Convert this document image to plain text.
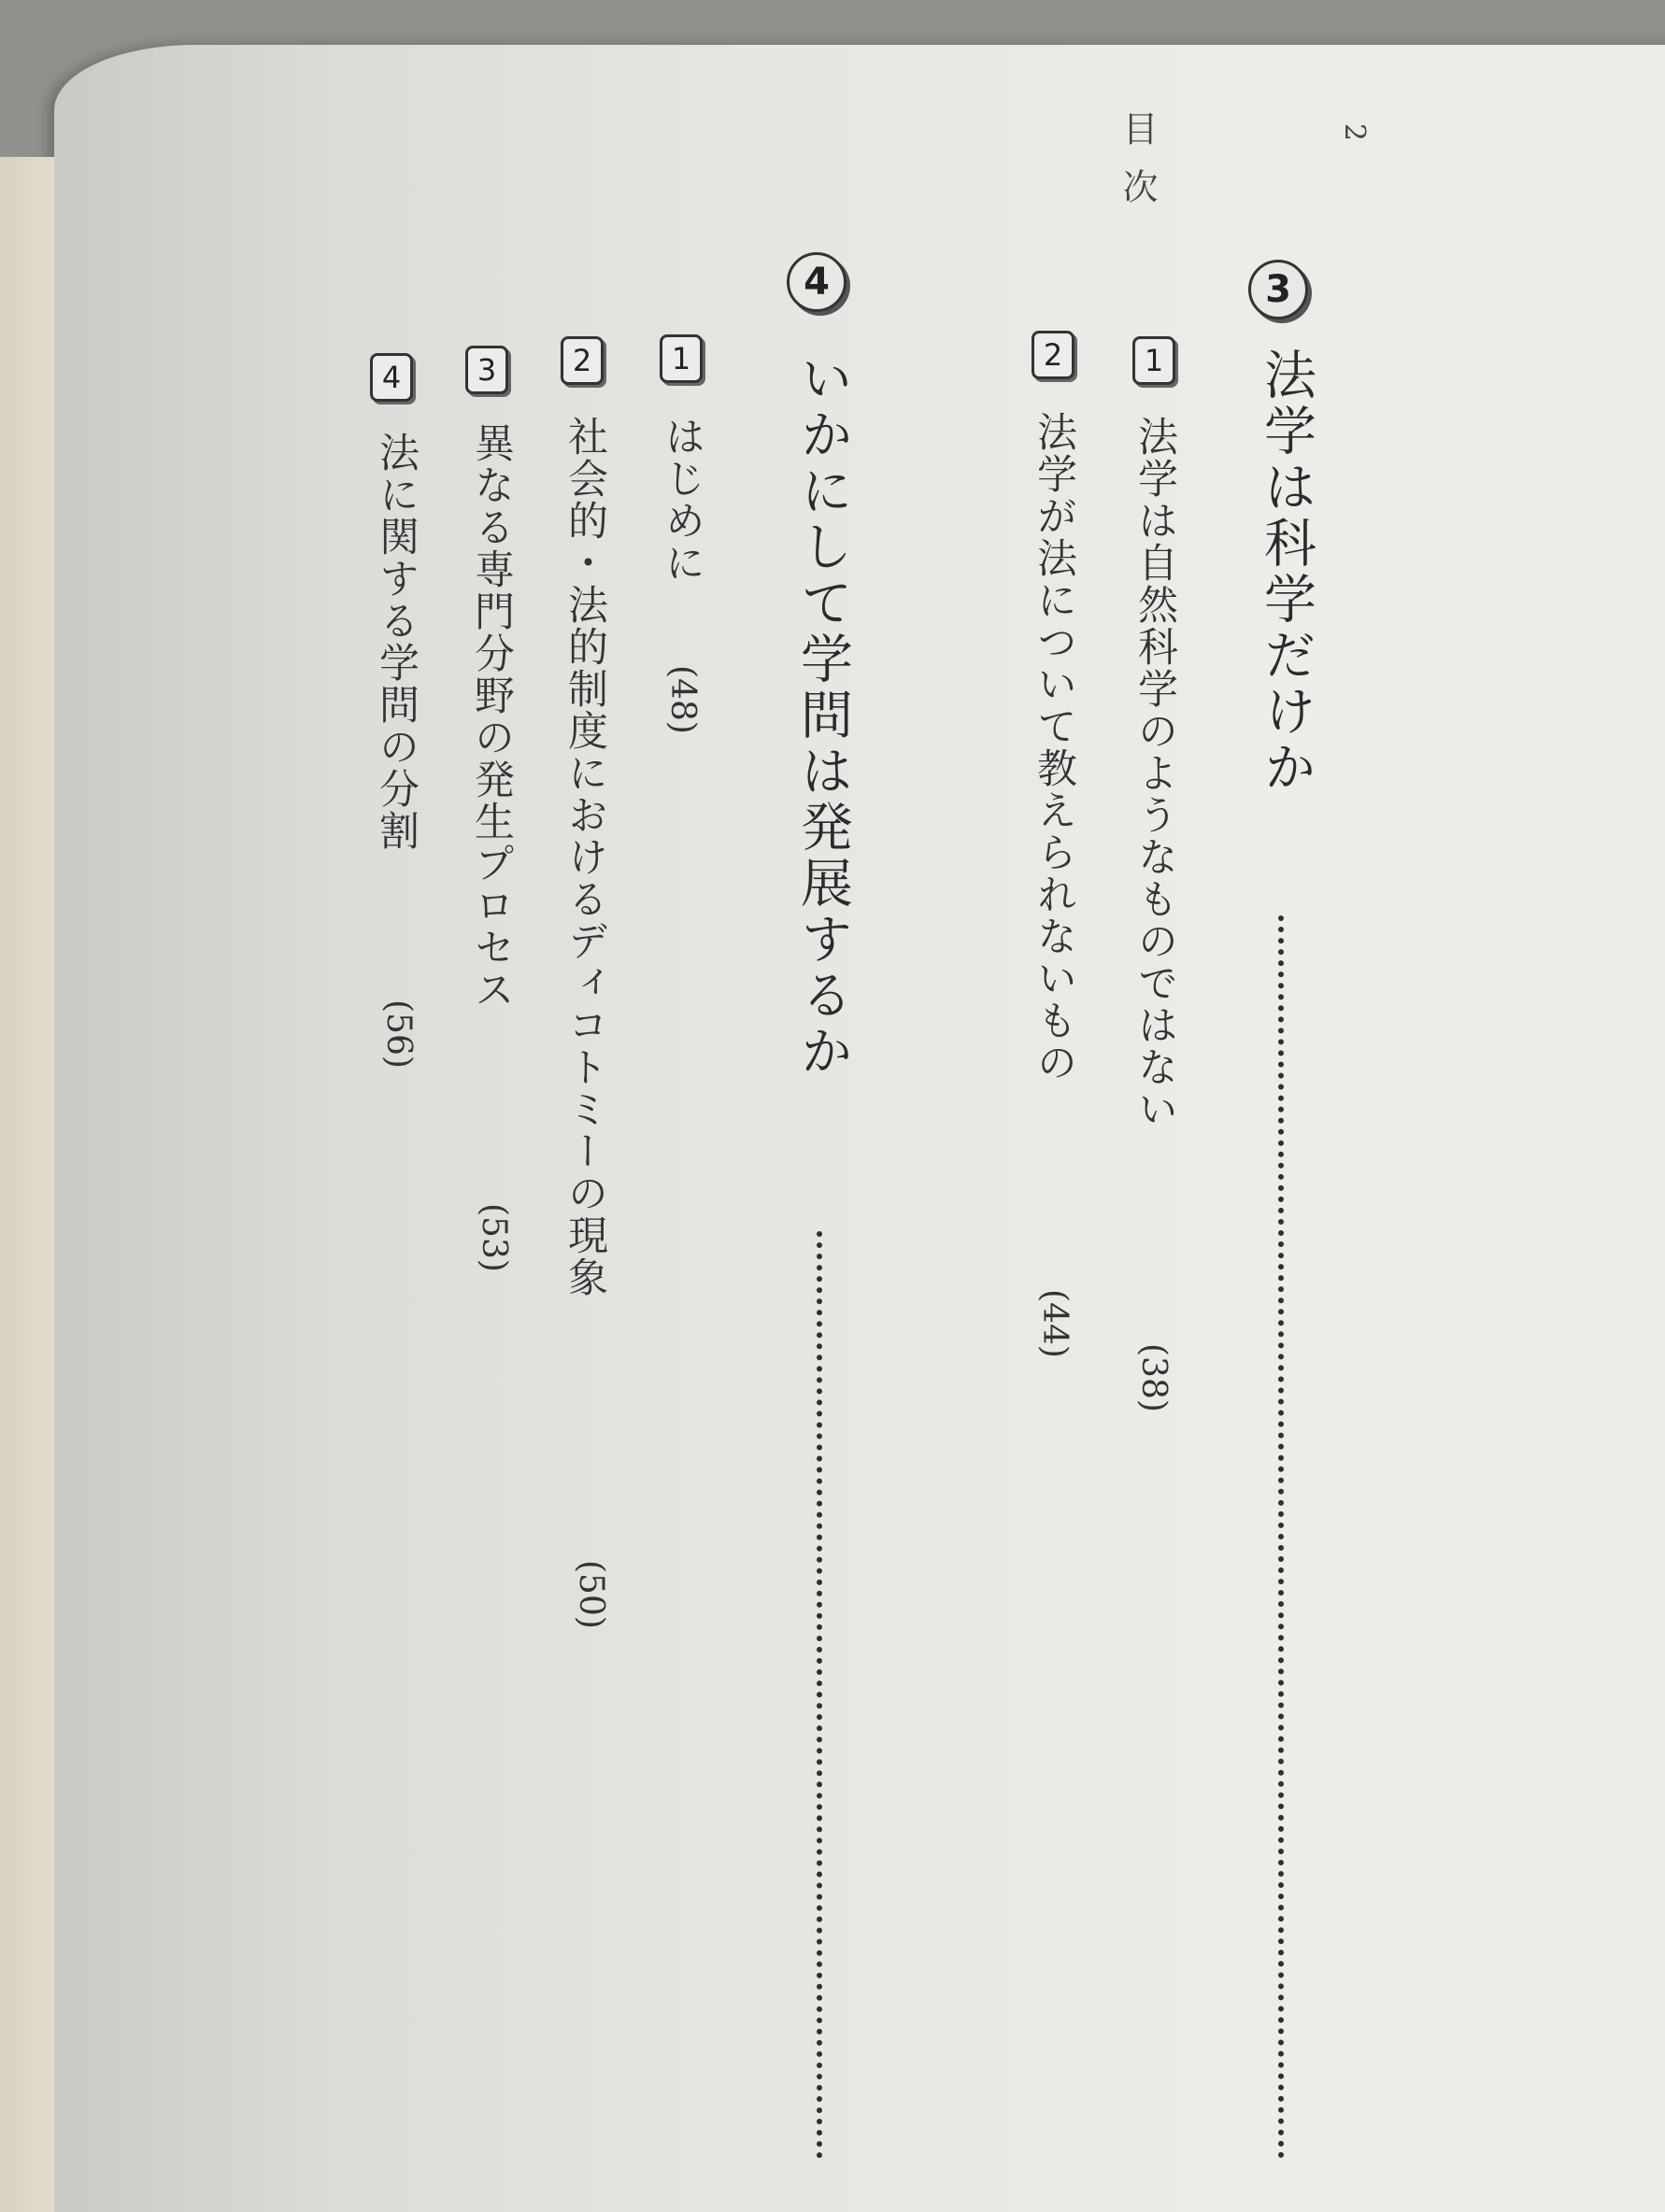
目次	2
3
法学は科学だけか
1
法学は自然科学のようなものではない
(38)
2
法学が法について教えられないもの
(44)
4
いかにして学問は発展するか
1
はじめに
(48)
2
社会的・法的制度におけるディコトミーの現象
(50)
3
異なる専門分野の発生プロセス
(53)
4
法に関する学問の分割
(56)
